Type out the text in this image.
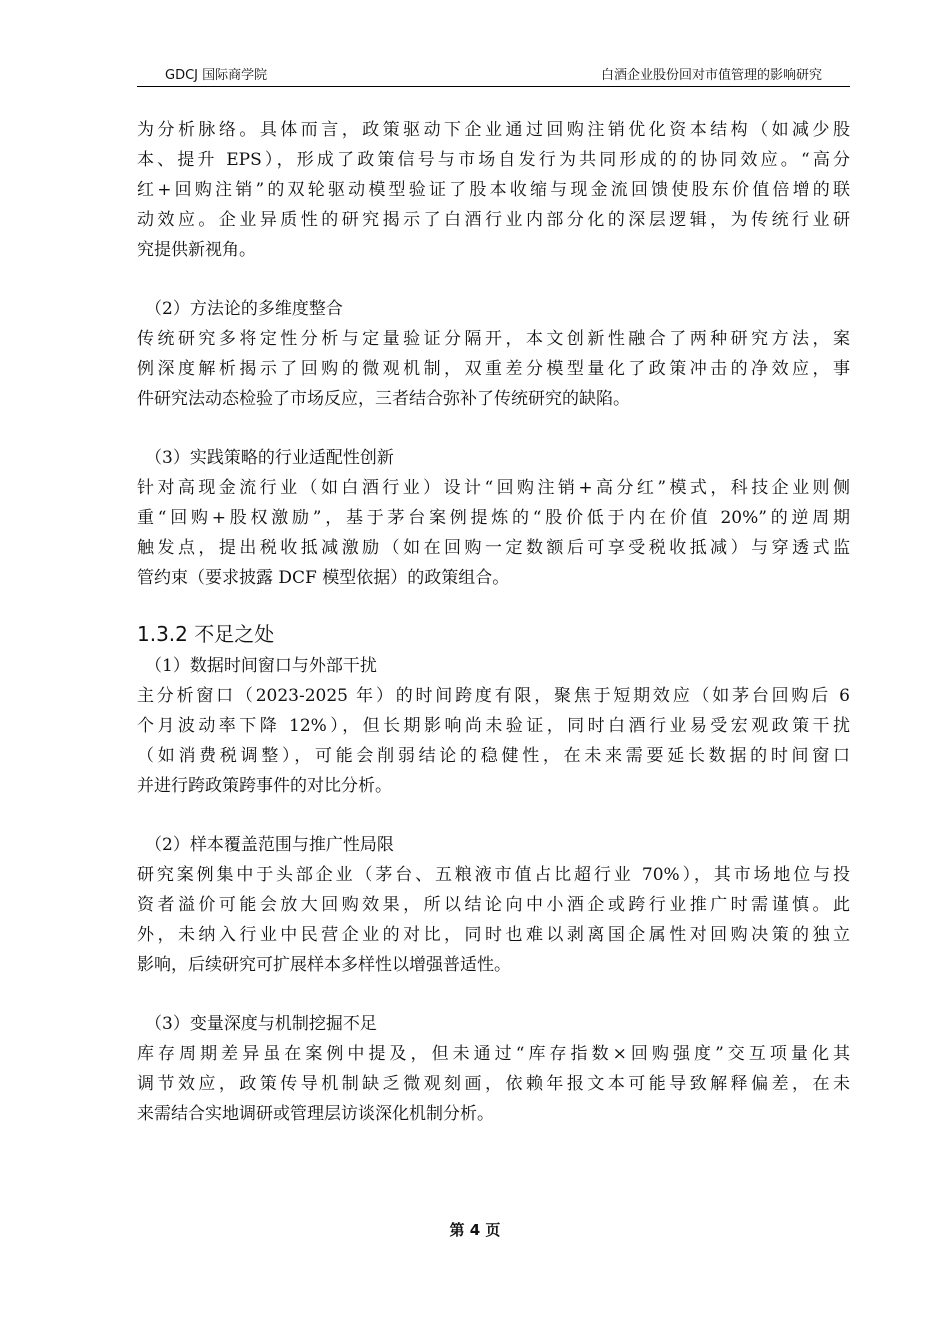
GDCJ 国际商学院	白酒企业股份回对市值管理的影响研究

为分析脉络。具体而言，政策驱动下企业通过回购注销优化资本结构（如减少股
本、提升 EPS），形成了政策信号与市场自发行为共同形成的的协同效应。“高分
红+回购注销”的双轮驱动模型验证了股本收缩与现金流回馈使股东价值倍增的联
动效应。企业异质性的研究揭示了白酒行业内部分化的深层逻辑，为传统行业研
究提供新视角。

（2）方法论的多维度整合

传统研究多将定性分析与定量验证分隔开，本文创新性融合了两种研究方法，案
例深度解析揭示了回购的微观机制，双重差分模型量化了政策冲击的净效应，事
件研究法动态检验了市场反应，三者结合弥补了传统研究的缺陷。

（3）实践策略的行业适配性创新

针对高现金流行业（如白酒行业）设计“回购注销+高分红”模式，科技企业则侧
重“回购+股权激励”，基于茅台案例提炼的“股价低于内在价值 20%”的逆周期
触发点，提出税收抵减激励（如在回购一定数额后可享受税收抵减）与穿透式监
管约束（要求披露 DCF 模型依据）的政策组合。

1.3.2 不足之处

（1）数据时间窗口与外部干扰

主分析窗口（2023-2025 年）的时间跨度有限，聚焦于短期效应（如茅台回购后 6
个月波动率下降 12%），但长期影响尚未验证，同时白酒行业易受宏观政策干扰
（如消费税调整），可能会削弱结论的稳健性，在未来需要延长数据的时间窗口
并进行跨政策跨事件的对比分析。

（2）样本覆盖范围与推广性局限

研究案例集中于头部企业（茅台、五粮液市值占比超行业 70%），其市场地位与投
资者溢价可能会放大回购效果，所以结论向中小酒企或跨行业推广时需谨慎。此
外，未纳入行业中民营企业的对比，同时也难以剥离国企属性对回购决策的独立
影响，后续研究可扩展样本多样性以增强普适性。

（3）变量深度与机制挖掘不足

库存周期差异虽在案例中提及，但未通过“库存指数×回购强度”交互项量化其
调节效应，政策传导机制缺乏微观刻画，依赖年报文本可能导致解释偏差，在未
来需结合实地调研或管理层访谈深化机制分析。

第 4 页
